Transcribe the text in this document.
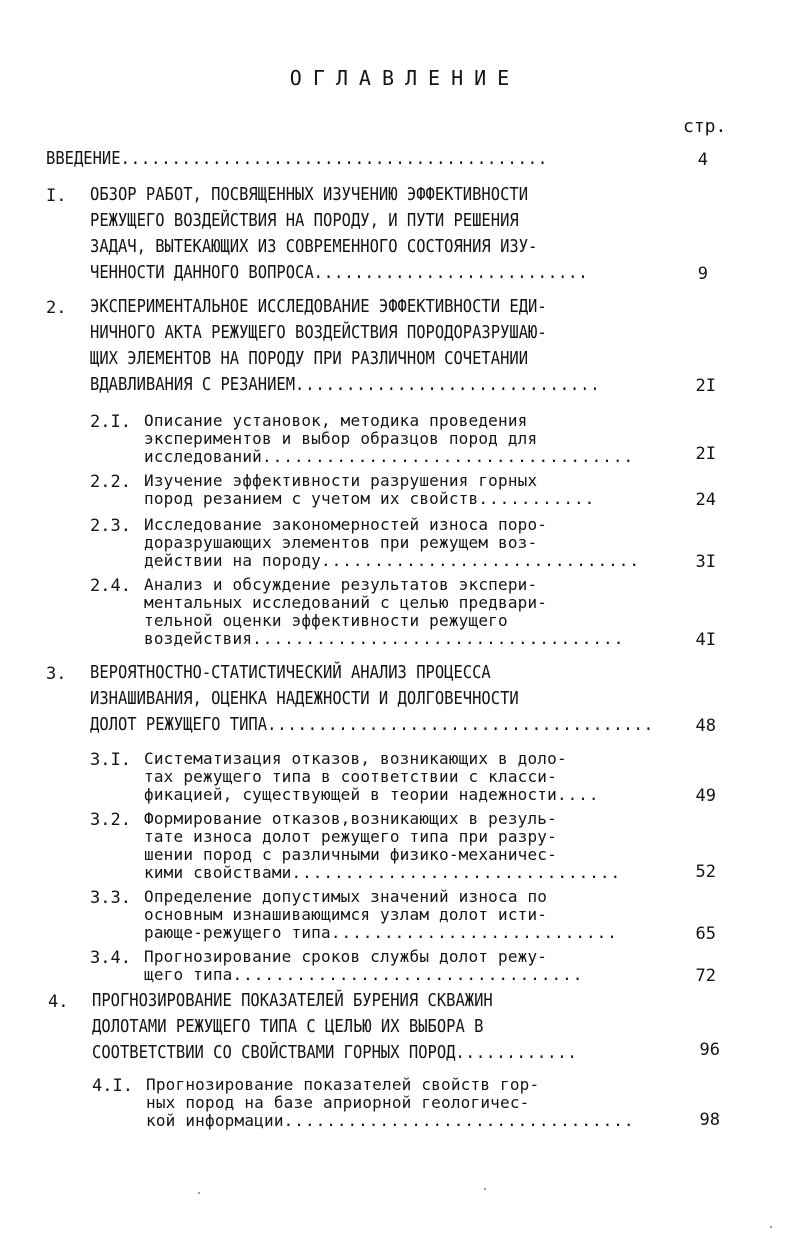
ОГЛАВЛЕНИЕ
стр.
ВВЕДЕНИЕ..........................................	4
I. ОБЗОР РАБОТ, ПОСВЯЩЕННЫХ ИЗУЧЕНИЮ ЭФФЕКТИВНОСТИ
РЕЖУЩЕГО ВОЗДЕЙСТВИЯ НА ПОРОДУ, И ПУТИ РЕШЕНИЯ
ЗАДАЧ, ВЫТЕКАЮЩИХ ИЗ СОВРЕМЕННОГО СОСТОЯНИЯ ИЗУ-
ЧЕННОСТИ ДАННОГО ВОПРОСА...........................	9
2. ЭКСПЕРИМЕНТАЛЬНОЕ ИССЛЕДОВАНИЕ ЭФФЕКТИВНОСТИ ЕДИ-
НИЧНОГО АКТА РЕЖУЩЕГО ВОЗДЕЙСТВИЯ ПОРОДОРАЗРУШАЮ-
ЩИХ ЭЛЕМЕНТОВ НА ПОРОДУ ПРИ РАЗЛИЧНОМ СОЧЕТАНИИ
ВДАВЛИВАНИЯ С РЕЗАНИЕМ..............................	2I
2.I. Описание установок, методика проведения
экспериментов и выбор образцов пород для
исследований...................................	2I
2.2. Изучение эффективности разрушения горных
пород резанием с учетом их свойств...........	24
2.3. Исследование закономерностей износа поро-
доразрушающих элементов при режущем воз-
действии на породу..............................	3I
2.4. Анализ и обсуждение результатов экспери-
ментальных исследований с целью предвари-
тельной оценки эффективности режущего
воздействия...................................	4I
3. ВЕРОЯТНОСТНО-СТАТИСТИЧЕСКИЙ АНАЛИЗ ПРОЦЕССА
ИЗНАШИВАНИЯ, ОЦЕНКА НАДЕЖНОСТИ И ДОЛГОВЕЧНОСТИ
ДОЛОТ РЕЖУЩЕГО ТИПА......................................	48
3.I. Систематизация отказов, возникающих в доло-
тах режущего типа в соответствии с класси-
фикацией, существующей в теории надежности....	49
3.2. Формирование отказов,возникающих в резуль-
тате износа долот режущего типа при разру-
шении пород с различными физико-механичес-
кими свойствами...............................	52
3.3. Определение допустимых значений износа по
основным изнашивающимся узлам долот исти-
рающе-режущего типа...........................	65
3.4. Прогнозирование сроков службы долот режу-
щего типа.................................	72
4. ПРОГНОЗИРОВАНИЕ ПОКАЗАТЕЛЕЙ БУРЕНИЯ СКВАЖИН
ДОЛОТАМИ РЕЖУЩЕГО ТИПА С ЦЕЛЬЮ ИХ ВЫБОРА В
СООТВЕТСТВИИ СО СВОЙСТВАМИ ГОРНЫХ ПОРОД............	96
4.I. Прогнозирование показателей свойств гор-
ных пород на базе априорной геологичес-
кой информации.................................	98
